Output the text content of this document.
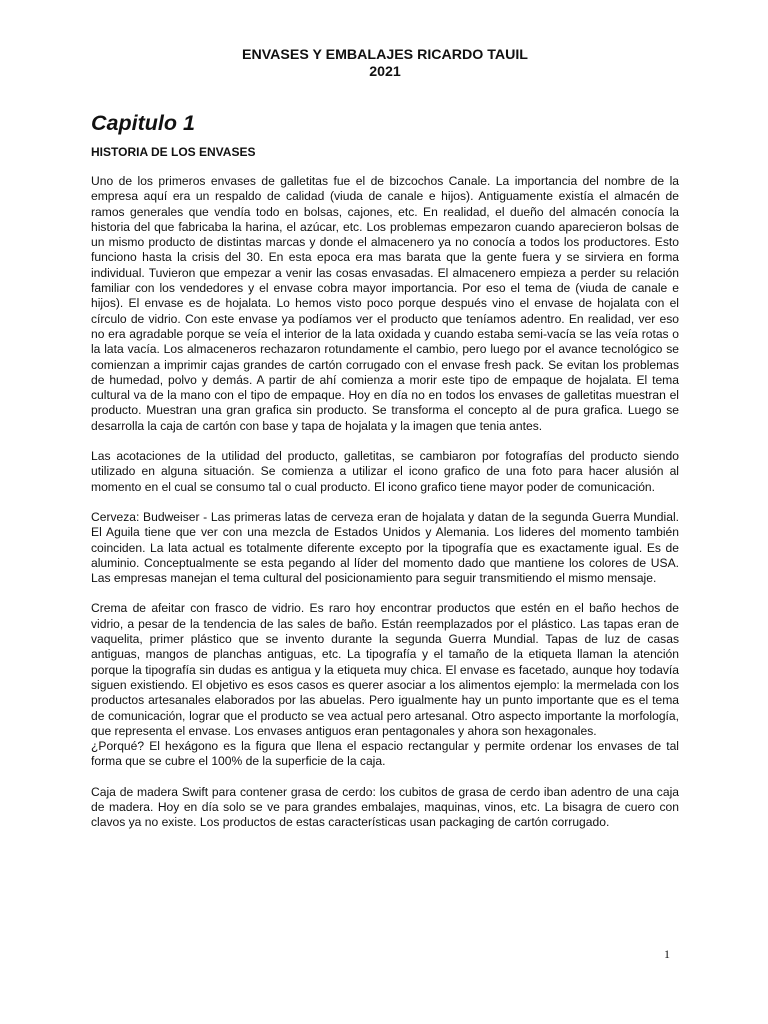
ENVASES Y EMBALAJES RICARDO TAUIL

2021

Capitulo 1
HISTORIA DE LOS ENVASES

Uno de los primeros envases de galletitas fue el de bizcochos Canale. La importancia del nombre de la empresa aquí era un respaldo de calidad (viuda de canale e hijos). Antiguamente existía el almacén de ramos generales que vendía todo en bolsas, cajones, etc. En realidad, el dueño del almacén conocía la historia del que fabricaba la harina, el azúcar, etc. Los problemas empezaron cuando aparecieron bolsas de un mismo producto de distintas marcas y donde el almacenero ya no conocía a todos los productores. Esto funciono hasta la crisis del 30. En esta epoca era mas barata que la gente fuera y se sirviera en forma individual. Tuvieron que empezar a venir las cosas envasadas. El almacenero empieza a perder su relación familiar con los vendedores y el envase cobra mayor importancia. Por eso el tema de (viuda de canale e hijos). El envase es de hojalata. Lo hemos visto poco porque después vino el envase de hojalata con el círculo de vidrio. Con este envase ya podíamos ver el producto que teníamos adentro. En realidad, ver eso no era agradable porque se veía el interior de la lata oxidada y cuando estaba semi-vacía se las veía rotas o la lata vacía. Los almaceneros rechazaron rotundamente el cambio, pero luego por el avance tecnológico se comienzan a imprimir cajas grandes de cartón corrugado con el envase fresh pack. Se evitan los problemas de humedad, polvo y demás. A partir de ahí comienza a morir este tipo de empaque de hojalata. El tema cultural va de la mano con el tipo de empaque. Hoy en día no en todos los envases de galletitas muestran el producto. Muestran una gran grafica sin producto. Se transforma el concepto al de pura grafica. Luego se desarrolla la caja de cartón con base y tapa de hojalata y la imagen que tenia antes.

Las acotaciones de la utilidad del producto, galletitas, se cambiaron por fotografías del producto siendo utilizado en alguna situación. Se comienza a utilizar el icono grafico de una foto para hacer alusión al momento en el cual se consumo tal o cual producto. El icono grafico tiene mayor poder de comunicación.

Cerveza: Budweiser - Las primeras latas de cerveza eran de hojalata y datan de la segunda Guerra Mundial. El Aguila tiene que ver con una mezcla de Estados Unidos y Alemania. Los lideres del momento también coinciden. La lata actual es totalmente diferente excepto por la tipografía que es exactamente igual. Es de aluminio. Conceptualmente se esta pegando al líder del momento dado que mantiene los colores de USA. Las empresas manejan el tema cultural del posicionamiento para seguir transmitiendo el mismo mensaje.

Crema de afeitar con frasco de vidrio. Es raro hoy encontrar productos que estén en el baño hechos de vidrio, a pesar de la tendencia de las sales de baño. Están reemplazados por el plástico. Las tapas eran de vaquelita, primer plástico que se invento durante la segunda Guerra Mundial. Tapas de luz de casas antiguas, mangos de planchas antiguas, etc. La tipografía y el tamaño de la etiqueta llaman la atención porque la tipografía sin dudas es antigua y la etiqueta muy chica. El envase es facetado, aunque hoy todavía siguen existiendo. El objetivo es esos casos es querer asociar a los alimentos ejemplo: la mermelada con los productos artesanales elaborados por las abuelas. Pero igualmente hay un punto importante que es el tema de comunicación, lograr que el producto se vea actual pero artesanal. Otro aspecto importante la morfología, que representa el envase. Los envases antiguos eran pentagonales y ahora son hexagonales.

¿Porqué? El hexágono es la figura que llena el espacio rectangular y permite ordenar los envases de tal forma que se cubre el 100% de la superficie de la caja.

Caja de madera Swift para contener grasa de cerdo: los cubitos de grasa de cerdo iban adentro de una caja de madera. Hoy en día solo se ve para grandes embalajes, maquinas, vinos, etc. La bisagra de cuero con clavos ya no existe. Los productos de estas características usan packaging de cartón corrugado.

1
